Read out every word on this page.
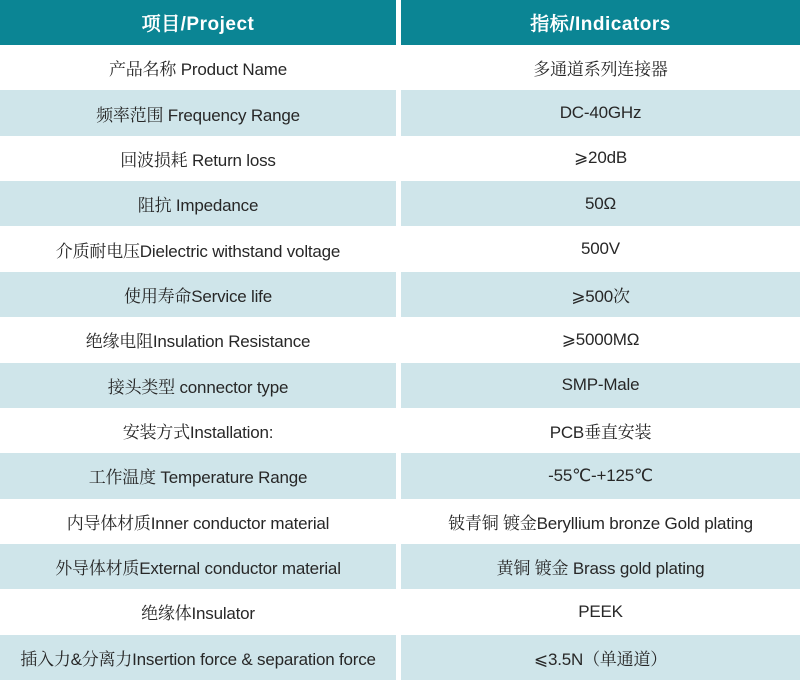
项目/Project	指标/Indicators
产品名称 Product Name	多通道系列连接器
频率范围 Frequency Range	DC-40GHz
回波损耗 Return loss	⩾20dB
阻抗 Impedance	50Ω
介质耐电压Dielectric withstand voltage	500V
使用寿命Service life	⩾500次
绝缘电阻Insulation Resistance	⩾5000MΩ
接头类型 connector type	SMP-Male
安装方式Installation:	PCB垂直安装
工作温度 Temperature Range	-55℃-+125℃
内导体材质Inner conductor material	铍青铜 镀金Beryllium bronze Gold plating
外导体材质External conductor material	黄铜 镀金 Brass gold plating
绝缘体Insulator	PEEK
插入力&分离力Insertion force & separation force	⩽3.5N（单通道）
